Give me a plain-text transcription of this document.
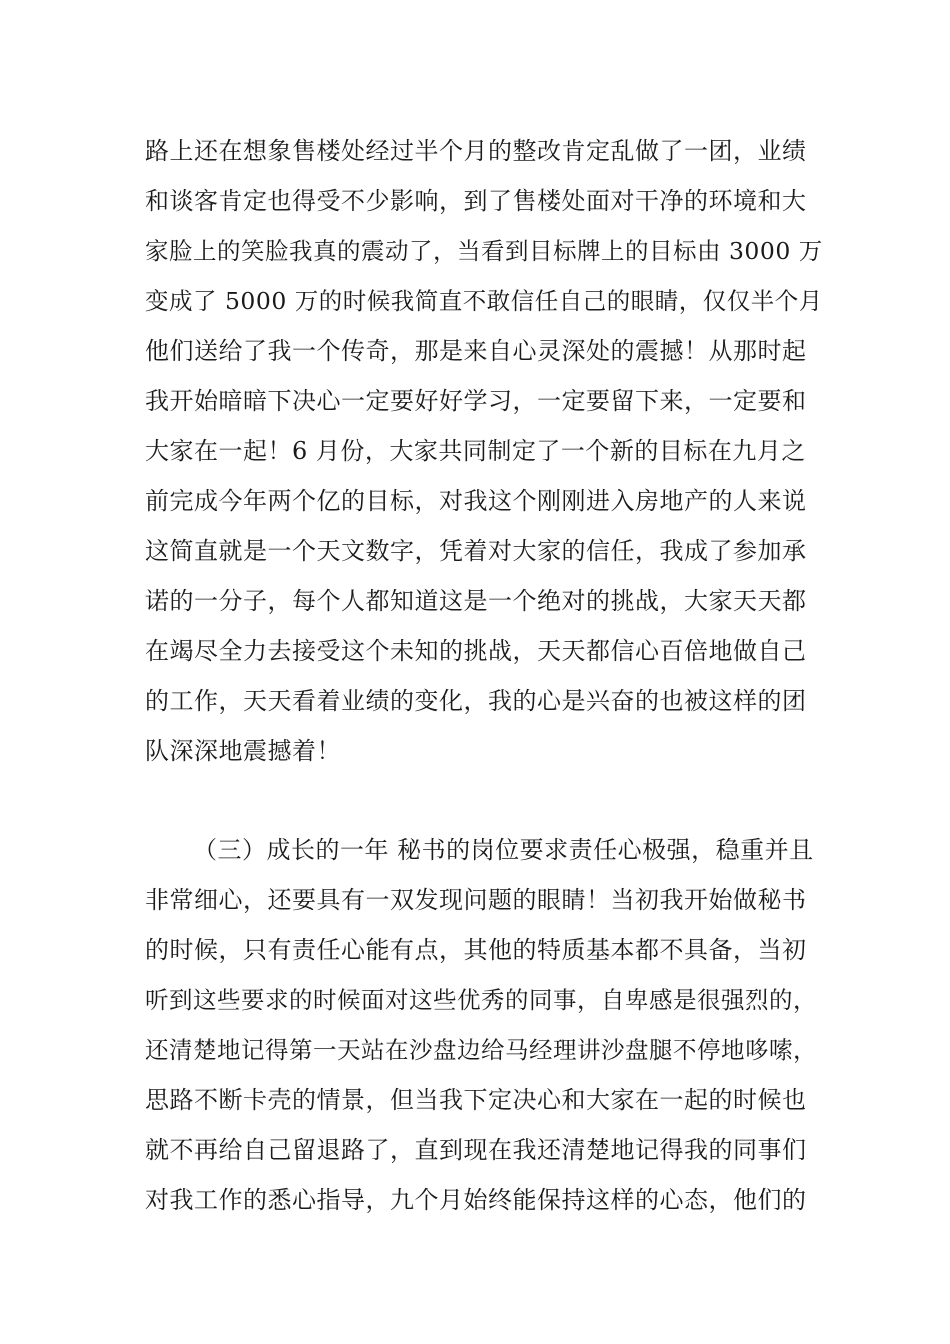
路上还在想象售楼处经过半个月的整改肯定乱做了一团，业绩
和谈客肯定也得受不少影响，到了售楼处面对干净的环境和大
家脸上的笑脸我真的震动了，当看到目标牌上的目标由 3000 万
变成了 5000 万的时候我简直不敢信任自己的眼睛，仅仅半个月
他们送给了我一个传奇，那是来自心灵深处的震撼！从那时起
我开始暗暗下决心一定要好好学习，一定要留下来，一定要和
大家在一起！6 月份，大家共同制定了一个新的目标在九月之
前完成今年两个亿的目标，对我这个刚刚进入房地产的人来说
这简直就是一个天文数字，凭着对大家的信任，我成了参加承
诺的一分子，每个人都知道这是一个绝对的挑战，大家天天都
在竭尽全力去接受这个未知的挑战，天天都信心百倍地做自己
的工作，天天看着业绩的变化，我的心是兴奋的也被这样的团
队深深地震撼着！
（三）成长的一年 秘书的岗位要求责任心极强，稳重并且
非常细心，还要具有一双发现问题的眼睛！当初我开始做秘书
的时候，只有责任心能有点，其他的特质基本都不具备，当初
听到这些要求的时候面对这些优秀的同事，自卑感是很强烈的，
还清楚地记得第一天站在沙盘边给马经理讲沙盘腿不停地哆嗦，
思路不断卡壳的情景，但当我下定决心和大家在一起的时候也
就不再给自己留退路了，直到现在我还清楚地记得我的同事们
对我工作的悉心指导，九个月始终能保持这样的心态，他们的
